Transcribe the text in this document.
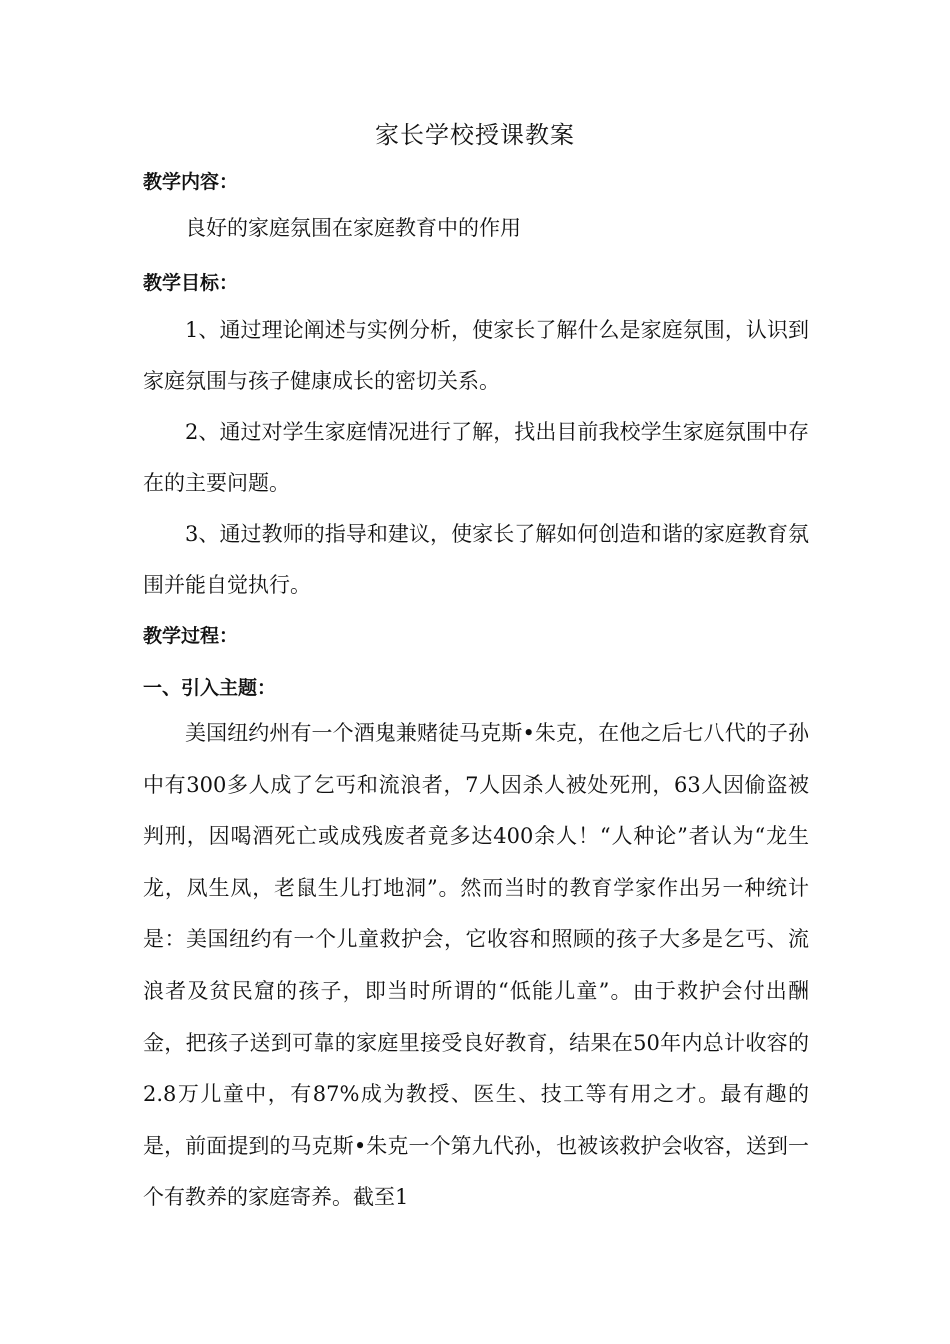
家长学校授课教案
教学内容：

良好的家庭氛围在家庭教育中的作用

教学目标：

1、通过理论阐述与实例分析，使家长了解什么是家庭氛围，认识到家庭氛围与孩子健康成长的密切关系。

2、通过对学生家庭情况进行了解，找出目前我校学生家庭氛围中存在的主要问题。

3、通过教师的指导和建议，使家长了解如何创造和谐的家庭教育氛围并能自觉执行。

教学过程：
一、引入主题：

美国纽约州有一个酒鬼兼赌徒马克斯•朱克，在他之后七八代的子孙中有300多人成了乞丐和流浪者，7人因杀人被处死刑，63人因偷盗被判刑，因喝酒死亡或成残废者竟多达400余人！“人种论”者认为“龙生龙，凤生凤，老鼠生儿打地洞”。然而当时的教育学家作出另一种统计是：美国纽约有一个儿童救护会，它收容和照顾的孩子大多是乞丐、流浪者及贫民窟的孩子，即当时所谓的“低能儿童”。由于救护会付出酬金，把孩子送到可靠的家庭里接受良好教育，结果在50年内总计收容的2.8万儿童中，有87%成为教授、医生、技工等有用之才。最有趣的是，前面提到的马克斯•朱克一个第九代孙，也被该救护会收容，送到一个有教养的家庭寄养。截至1
